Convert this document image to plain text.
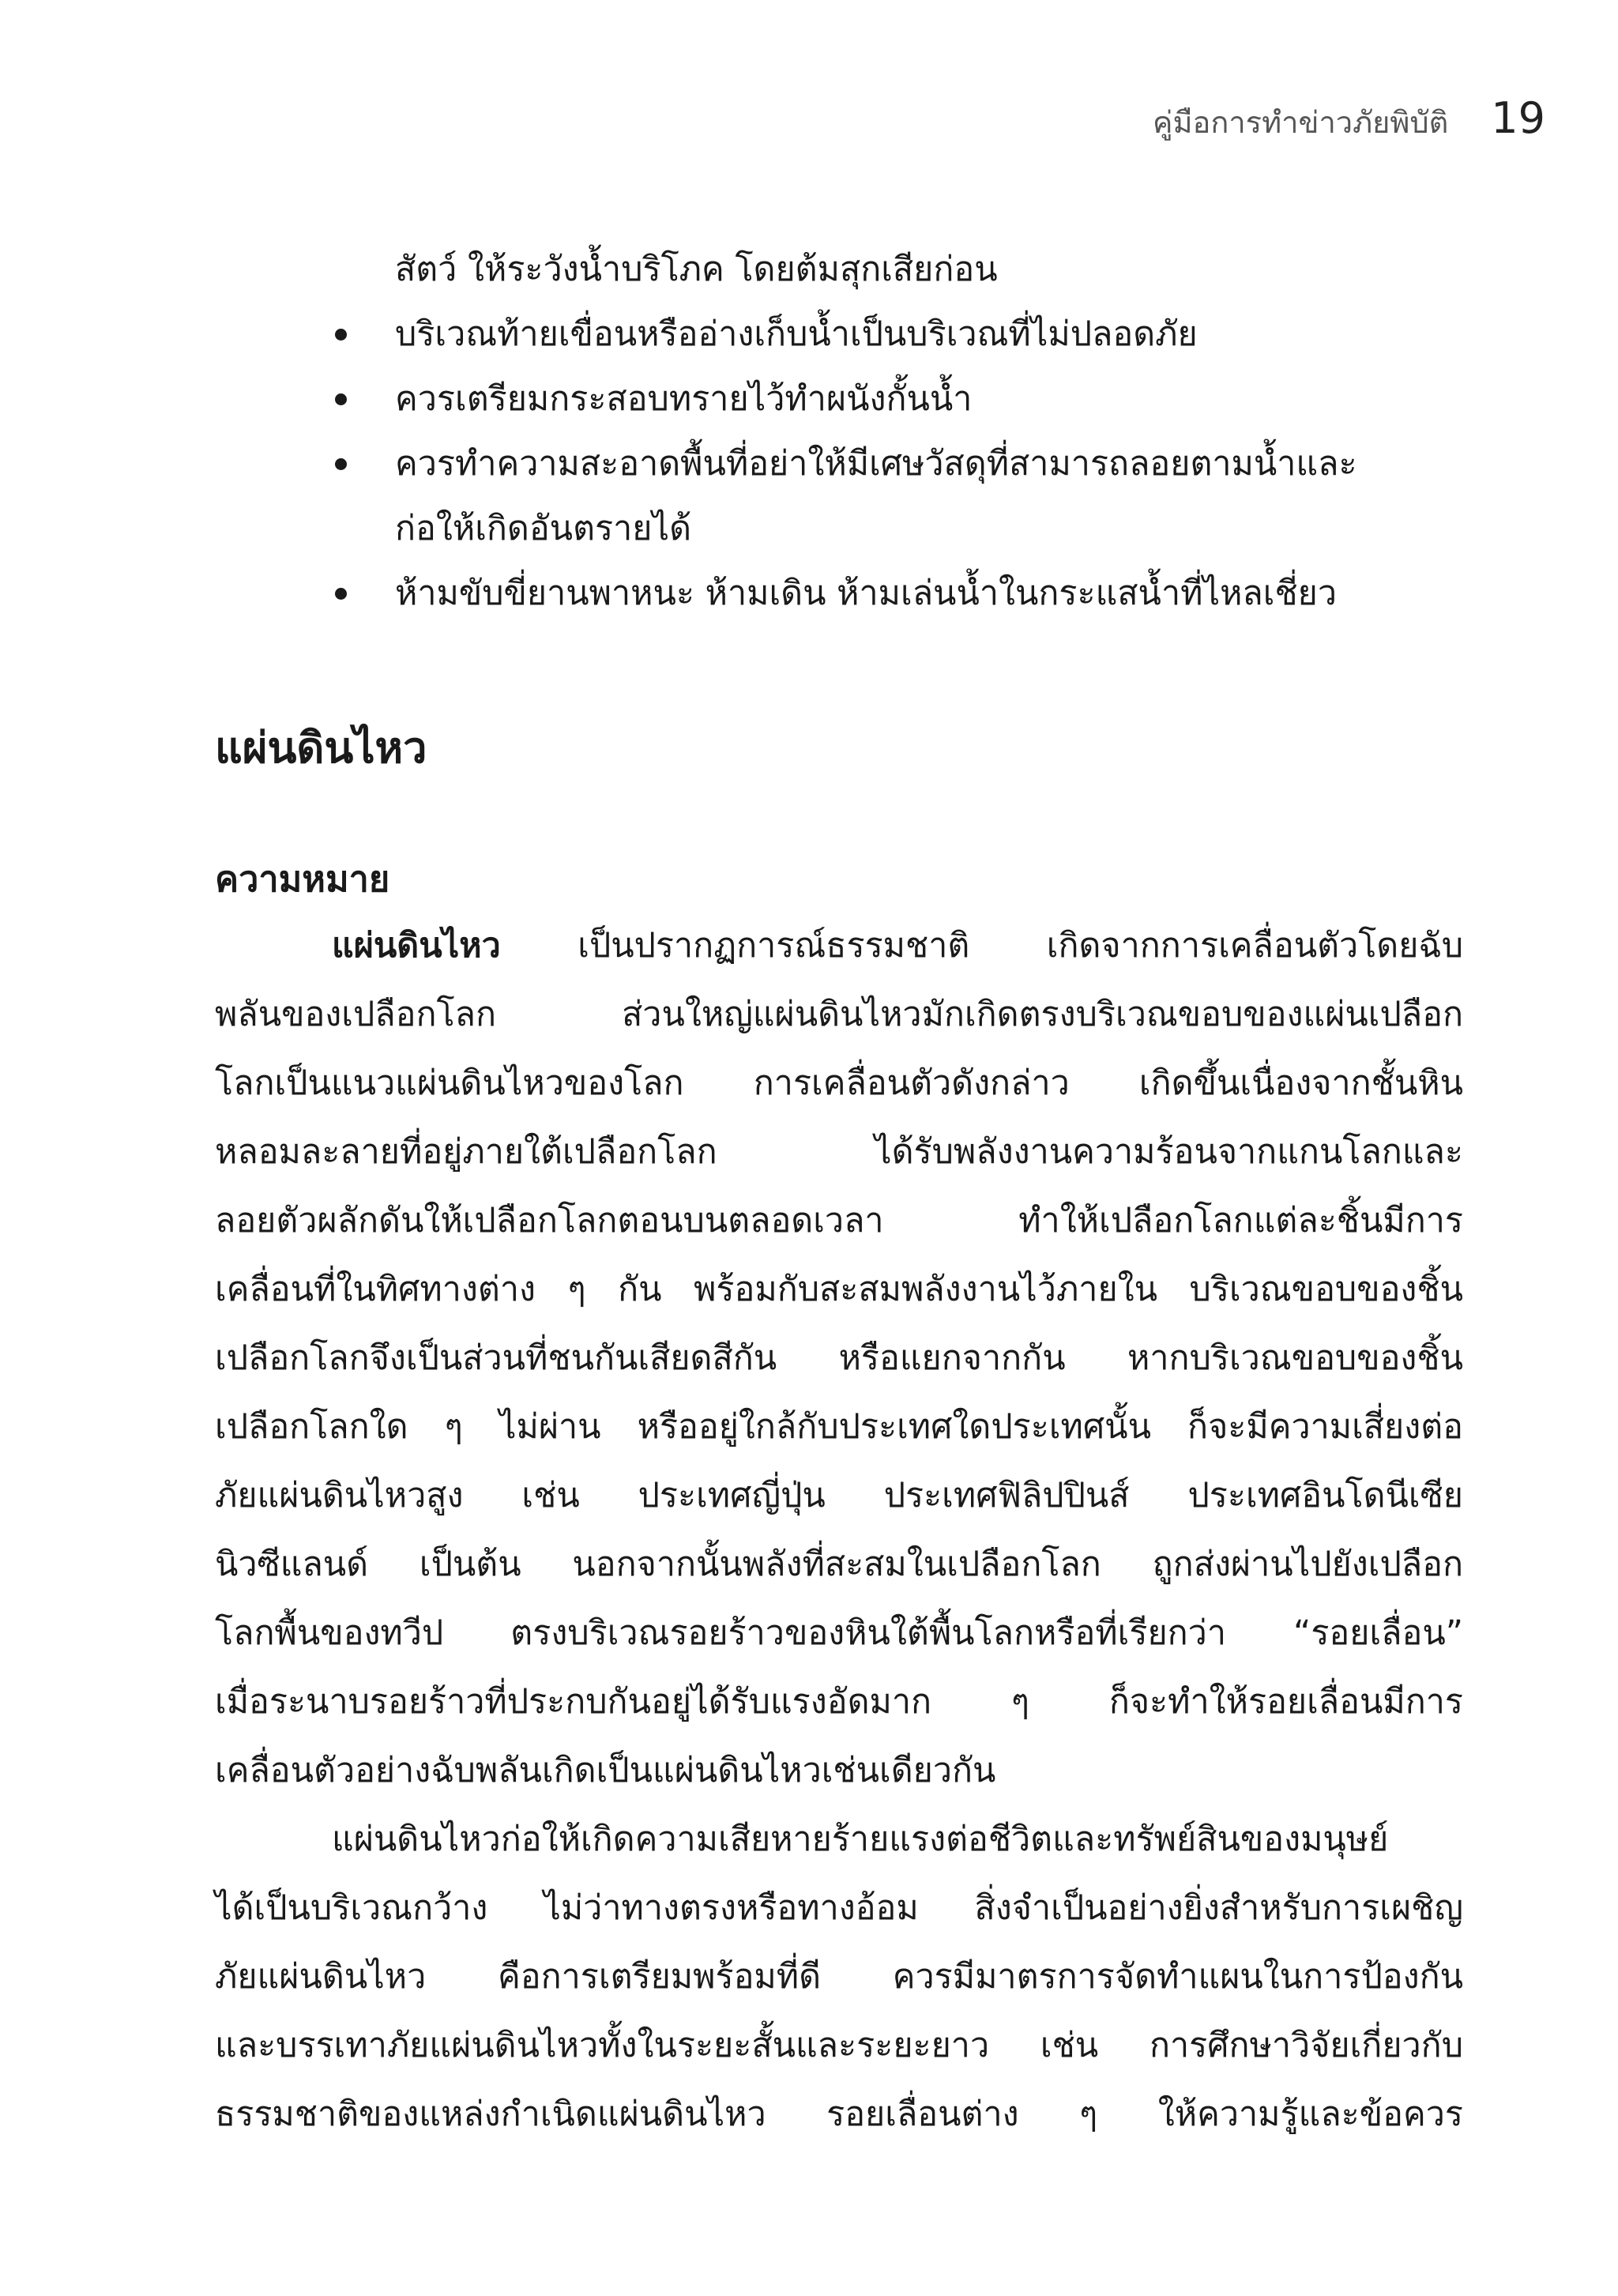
คู่มือการทำข่าวภัยพิบัติ 19
สัตว์ ให้ระวังน้ำบริโภค โดยต้มสุกเสียก่อน
บริเวณท้ายเขื่อนหรืออ่างเก็บน้ำเป็นบริเวณที่ไม่ปลอดภัย
ควรเตรียมกระสอบทรายไว้ทำผนังกั้นน้ำ
ควรทำความสะอาดพื้นที่อย่าให้มีเศษวัสดุที่สามารถลอยตามน้ำและ
ก่อให้เกิดอันตรายได้
ห้ามขับขี่ยานพาหนะ ห้ามเดิน ห้ามเล่นน้ำในกระแสน้ำที่ไหลเชี่ยว
แผ่นดินไหว
ความหมาย
แผ่นดินไหว เป็นปรากฏการณ์ธรรมชาติ เกิดจากการเคลื่อนตัวโดยฉับ
พลันของเปลือกโลก ส่วนใหญ่แผ่นดินไหวมักเกิดตรงบริเวณขอบของแผ่นเปลือก
โลกเป็นแนวแผ่นดินไหวของโลก การเคลื่อนตัวดังกล่าว เกิดขึ้นเนื่องจากชั้นหิน
หลอมละลายที่อยู่ภายใต้เปลือกโลก ได้รับพลังงานความร้อนจากแกนโลกและ
ลอยตัวผลักดันให้เปลือกโลกตอนบนตลอดเวลา ทำให้เปลือกโลกแต่ละชิ้นมีการ
เคลื่อนที่ในทิศทางต่าง ๆ กัน พร้อมกับสะสมพลังงานไว้ภายใน บริเวณขอบของชิ้น
เปลือกโลกจึงเป็นส่วนที่ชนกันเสียดสีกัน หรือแยกจากกัน หากบริเวณขอบของชิ้น
เปลือกโลกใด ๆ ไม่ผ่าน หรืออยู่ใกล้กับประเทศใดประเทศนั้น ก็จะมีความเสี่ยงต่อ
ภัยแผ่นดินไหวสูง เช่น ประเทศญี่ปุ่น ประเทศฟิลิปปินส์ ประเทศอินโดนีเซีย
นิวซีแลนด์ เป็นต้น นอกจากนั้นพลังที่สะสมในเปลือกโลก ถูกส่งผ่านไปยังเปลือก
โลกพื้นของทวีป ตรงบริเวณรอยร้าวของหินใต้พื้นโลกหรือที่เรียกว่า “รอยเลื่อน”
เมื่อระนาบรอยร้าวที่ประกบกันอยู่ได้รับแรงอัดมาก ๆ ก็จะทำให้รอยเลื่อนมีการ
เคลื่อนตัวอย่างฉับพลันเกิดเป็นแผ่นดินไหวเช่นเดียวกัน
แผ่นดินไหวก่อให้เกิดความเสียหายร้ายแรงต่อชีวิตและทรัพย์สินของมนุษย์
ได้เป็นบริเวณกว้าง ไม่ว่าทางตรงหรือทางอ้อม สิ่งจำเป็นอย่างยิ่งสำหรับการเผชิญ
ภัยแผ่นดินไหว คือการเตรียมพร้อมที่ดี ควรมีมาตรการจัดทำแผนในการป้องกัน
และบรรเทาภัยแผ่นดินไหวทั้งในระยะสั้นและระยะยาว เช่น การศึกษาวิจัยเกี่ยวกับ
ธรรมชาติของแหล่งกำเนิดแผ่นดินไหว รอยเลื่อนต่าง ๆ ให้ความรู้และข้อควร
